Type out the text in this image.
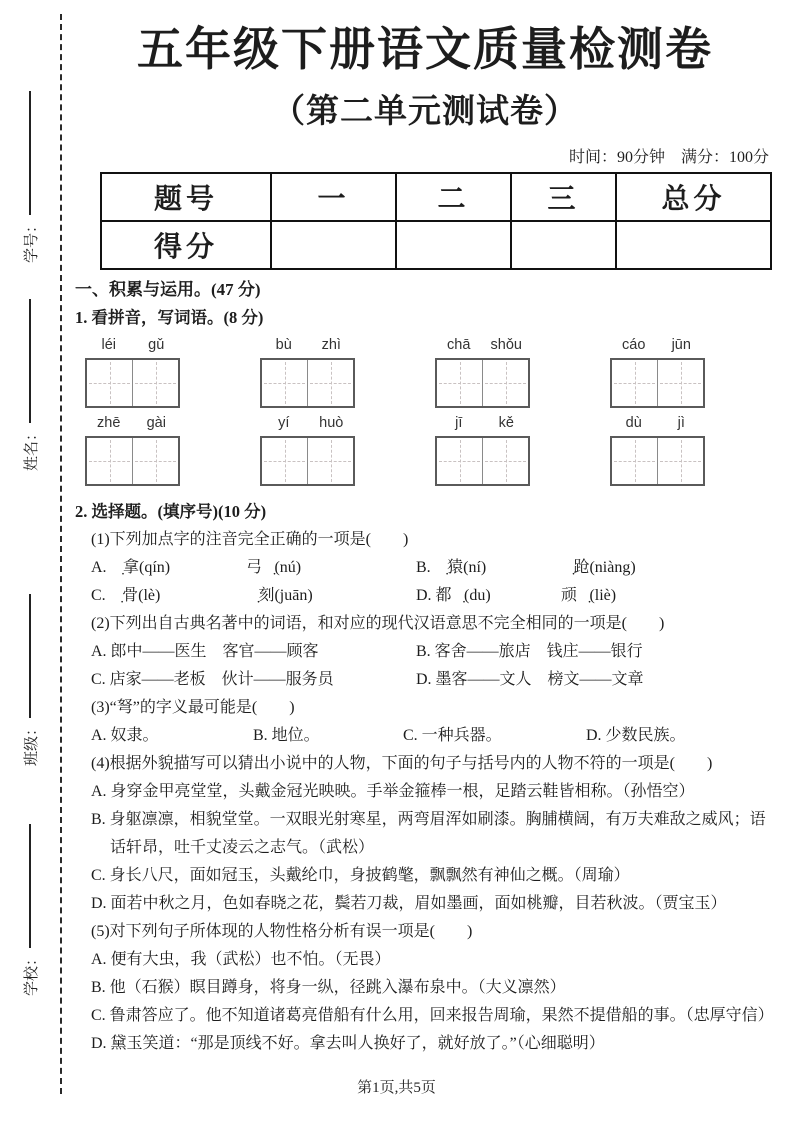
学号：
姓名：
班级：
学校：
五年级下册语文质量检测卷
（第二单元测试卷）
时间：90分钟　满分：100分
题号	一	二	三	总分
得分				

一、积累与运用。(47 分)

1. 看拼音，写词语。(8 分)

léi	gǔ	bù	zhì	chā	shǒu	cáo	jūn
zhē	gài	yí	huò	jī	kě	dù	jì

2. 选择题。(填序号)(10 分)

(1)下列加点字的注音完全正确的一项是(　　)

A. 擒̣拿(qín)	弓弩̣(nú)	B. 猕̣猿(ní)	踉̣跄(niàng)
C. 肋̣骨(lè)	镌̣刻(juān)	D. 都督̣(du)	顽劣̣(liè)

(2)下列出自古典名著中的词语，和对应的现代汉语意思不完全相同的一项是(　　)

A. 郎中——医生　客官——顾客	B. 客舍——旅店　钱庄——银行
C. 店家——老板　伙计——服务员	D. 墨客——文人　榜文——文章

(3)“弩”的字义最可能是(　　)

A. 奴隶。	B. 地位。	C. 一种兵器。	D. 少数民族。

(4)根据外貌描写可以猜出小说中的人物，下面的句子与括号内的人物不符的一项是(　　)

A. 身穿金甲亮堂堂，头戴金冠光映映。手举金箍棒一根，足踏云鞋皆相称。（孙悟空）

B. 身躯凛凛，相貌堂堂。一双眼光射寒星，两弯眉浑如刷漆。胸脯横阔，有万夫难敌之威风；语话轩昂，吐千丈凌云之志气。（武松）

C. 身长八尺，面如冠玉，头戴纶巾，身披鹤氅，飘飘然有神仙之概。（周瑜）

D. 面若中秋之月，色如春晓之花，鬓若刀裁，眉如墨画，面如桃瓣，目若秋波。（贾宝玉）

(5)对下列句子所体现的人物性格分析有误一项是(　　)

A. 便有大虫，我（武松）也不怕。（无畏）

B. 他（石猴）瞑目蹲身，将身一纵，径跳入瀑布泉中。（大义凛然）

C. 鲁肃答应了。他不知道诸葛亮借船有什么用，回来报告周瑜，果然不提借船的事。（忠厚守信）

D. 黛玉笑道：“那是顶线不好。拿去叫人换好了，就好放了。”（心细聪明）

第1页,共5页
